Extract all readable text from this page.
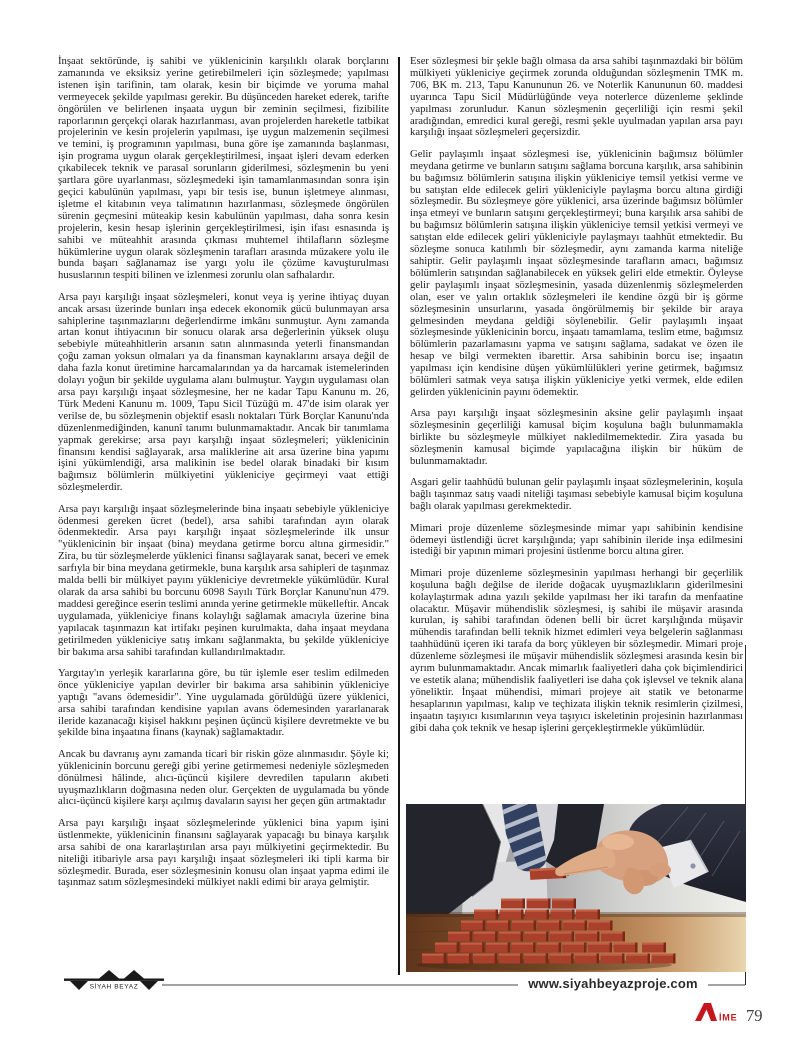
İnşaat sektöründe, iş sahibi ve yüklenicinin karşılıklı olarak borçlarını zamanında ve eksiksiz yerine getirebilmeleri için sözleşmede; yapılması istenen işin tarifinin, tam olarak, kesin bir biçimde ve yoruma mahal vermeyecek şekilde yapılması gerekir. Bu düşünceden hareket ederek, tarifte öngörülen ve belirlenen inşaata uygun bir zeminin seçilmesi, fizibilite raporlarının gerçekçi olarak hazırlanması, avan projelerden hareketle tatbikat projelerinin ve kesin projelerin yapılması, işe uygun malzemenin seçilmesi ve temini, iş programının yapılması, buna göre işe zamanında başlanması, işin programa uygun olarak gerçekleştirilmesi, inşaat işleri devam ederken çıkabilecek teknik ve parasal sorunların giderilmesi, sözleşmenin bu yeni şartlara göre uyarlanması, sözleşmedeki işin tamamlanmasından sonra işin geçici kabulünün yapılması, yapı bir tesis ise, bunun işletmeye alınması, işletme el kitabının veya talimatının hazırlanması, sözleşmede öngörülen sürenin geçmesini müteakip kesin kabulünün yapılması, daha sonra kesin projelerin, kesin hesap işlerinin gerçekleştirilmesi, işin ifası esnasında iş sahibi ve müteahhit arasında çıkması muhtemel ihtilafların sözleşme hükümlerine uygun olarak sözleşmenin tarafları arasında müzakere yolu ile bunda başarı sağlanamaz ise yargı yolu ile çözüme kavuşturulması hususlarının tespiti bilinen ve izlenmesi zorunlu olan safhalardır.

Arsa payı karşılığı inşaat sözleşmeleri, konut veya iş yerine ihtiyaç duyan ancak arsası üzerinde bunları inşa edecek ekonomik gücü bulunmayan arsa sahiplerine taşınmazlarını değerlendirme imkânı sunmuştur. Aynı zamanda artan konut ihtiyacının bir sonucu olarak arsa değerlerinin yüksek oluşu sebebiyle müteahhitlerin arsanın satın alınmasında yeterli finansmandan çoğu zaman yoksun olmaları ya da finansman kaynaklarını arsaya değil de daha fazla konut üretimine harcamalarından ya da harcamak istemelerinden dolayı yoğun bir şekilde uygulama alanı bulmuştur. Yaygın uygulaması olan arsa payı karşılığı inşaat sözleşmesine, her ne kadar Tapu Kanunu m. 26, Türk Medeni Kanunu m. 1009, Tapu Sicil Tüzüğü m. 47'de isim olarak yer verilse de, bu sözleşmenin objektif esaslı noktaları Türk Borçlar Kanunu'nda düzenlenmediğinden, kanunî tanımı bulunmamaktadır. Ancak bir tanımlama yapmak gerekirse; arsa payı karşılığı inşaat sözleşmeleri; yüklenicinin finansını kendisi sağlayarak, arsa maliklerine ait arsa üzerine bina yapımı işini yükümlendiği, arsa malikinin ise bedel olarak binadaki bir kısım bağımsız bölümlerin mülkiyetini yükleniciye geçirmeyi vaat ettiği sözleşmelerdir.

Arsa payı karşılığı inşaat sözleşmelerinde bina inşaatı sebebiyle yükleniciye ödenmesi gereken ücret (bedel), arsa sahibi tarafından ayın olarak ödenmektedir. Arsa payı karşılığı inşaat sözleşmelerinde ilk unsur "yüklenicinin bir inşaat (bina) meydana getirme borcu altına girmesidir." Zira, bu tür sözleşmelerde yüklenici finansı sağlayarak sanat, beceri ve emek sarfıyla bir bina meydana getirmekle, buna karşılık arsa sahipleri de taşınmaz malda belli bir mülkiyet payını yükleniciye devretmekle yükümlüdür. Kural olarak da arsa sahibi bu borcunu 6098 Sayılı Türk Borçlar Kanunu'nun 479. maddesi gereğince eserin teslimi anında yerine getirmekle mükelleftir. Ancak uygulamada, yükleniciye finans kolaylığı sağlamak amacıyla üzerine bina yapılacak taşınmazın kat irtifakı peşinen kurulmakta, daha inşaat meydana getirilmeden yükleniciye satış imkanı sağlanmakta, bu şekilde yükleniciye bir bakıma arsa sahibi tarafından kullandırılmaktadır.

Yargıtay'ın yerleşik kararlarına göre, bu tür işlemle eser teslim edilmeden önce yükleniciye yapılan devirler bir bakıma arsa sahibinin yükleniciye yaptığı "avans ödemesidir". Yine uygulamada görüldüğü üzere yüklenici, arsa sahibi tarafından kendisine yapılan avans ödemesinden yararlanarak ileride kazanacağı kişisel hakkını peşinen üçüncü kişilere devretmekte ve bu şekilde bina inşaatına finans (kaynak) sağlamaktadır.

Ancak bu davranış aynı zamanda ticari bir riskin göze alınmasıdır. Şöyle ki; yüklenicinin borcunu gereği gibi yerine getirmemesi nedeniyle sözleşmeden dönülmesi hâlinde, alıcı-üçüncü kişilere devredilen tapuların akıbeti uyuşmazlıkların doğmasına neden olur. Gerçekten de uygulamada bu yönde alıcı-üçüncü kişilere karşı açılmış davaların sayısı her geçen gün artmaktadır

Arsa payı karşılığı inşaat sözleşmelerinde yüklenici bina yapım işini üstlenmekte, yüklenicinin finansını sağlayarak yapacağı bu binaya karşılık arsa sahibi de ona kararlaştırılan arsa payı mülkiyetini geçirmektedir. Bu niteliği itibariyle arsa payı karşılığı inşaat sözleşmeleri iki tipli karma bir sözleşmedir. Burada, eser sözleşmesinin konusu olan inşaat yapma edimi ile taşınmaz satım sözleşmesindeki mülkiyet nakli edimi bir araya gelmiştir.

Eser sözleşmesi bir şekle bağlı olmasa da arsa sahibi taşınmazdaki bir bölüm mülkiyeti yükleniciye geçirmek zorunda olduğundan sözleşmenin TMK m. 706, BK m. 213, Tapu Kanununun 26. ve Noterlik Kanununun 60. maddesi uyarınca Tapu Sicil Müdürlüğünde veya noterlerce düzenleme şeklinde yapılması zorunludur. Kanun sözleşmenin geçerliliği için resmi şekil aradığından, emredici kural gereği, resmi şekle uyulmadan yapılan arsa payı karşılığı inşaat sözleşmeleri geçersizdir.

Gelir paylaşımlı inşaat sözleşmesi ise, yüklenicinin bağımsız bölümler meydana getirme ve bunların satışını sağlama borcuna karşılık, arsa sahibinin bu bağımsız bölümlerin satışına ilişkin yükleniciye temsil yetkisi verme ve bu satıştan elde edilecek geliri yükleniciyle paylaşma borcu altına girdiği sözleşmedir. Bu sözleşmeye göre yüklenici, arsa üzerinde bağımsız bölümler inşa etmeyi ve bunların satışını gerçekleştirmeyi; buna karşılık arsa sahibi de bu bağımsız bölümlerin satışına ilişkin yükleniciye temsil yetkisi vermeyi ve satıştan elde edilecek geliri yükleniciyle paylaşmayı taahhüt etmektedir. Bu sözleşme sonuca katılımlı bir sözleşmedir, aynı zamanda karma niteliğe sahiptir. Gelir paylaşımlı inşaat sözleşmesinde tarafların amacı, bağımsız bölümlerin satışından sağlanabilecek en yüksek geliri elde etmektir. Öyleyse gelir paylaşımlı inşaat sözleşmesinin, yasada düzenlenmiş sözleşmelerden olan, eser ve yalın ortaklık sözleşmeleri ile kendine özgü bir iş görme sözleşmesinin unsurlarını, yasada öngörülmemiş bir şekilde bir araya gelmesinden meydana geldiği söylenebilir. Gelir paylaşımlı inşaat sözleşmesinde yüklenicinin borcu, inşaatı tamamlama, teslim etme, bağımsız bölümlerin pazarlamasını yapma ve satışını sağlama, sadakat ve özen ile hesap ve bilgi vermekten ibarettir. Arsa sahibinin borcu ise; inşaatın yapılması için kendisine düşen yükümlülükleri yerine getirmek, bağımsız bölümleri satmak veya satışa ilişkin yükleniciye yetki vermek, elde edilen gelirden yüklenicinin payını ödemektir.

Arsa payı karşılığı inşaat sözleşmesinin aksine gelir paylaşımlı inşaat sözleşmesinin geçerliliği kamusal biçim koşuluna bağlı bulunmamakla birlikte bu sözleşmeyle mülkiyet nakledilmemektedir. Zira yasada bu sözleşmenin kamusal biçimde yapılacağına ilişkin bir hüküm de bulunmamaktadır.

Asgari gelir taahhüdü bulunan gelir paylaşımlı inşaat sözleşmelerinin, koşula bağlı taşınmaz satış vaadi niteliği taşıması sebebiyle kamusal biçim koşuluna bağlı olarak yapılması gerekmektedir.

Mimari proje düzenleme sözleşmesinde mimar yapı sahibinin kendisine ödemeyi üstlendiği ücret karşılığında; yapı sahibinin ileride inşa edilmesini istediği bir yapının mimari projesini üstlenme borcu altına girer.

Mimari proje düzenleme sözleşmesinin yapılması herhangi bir geçerlilik koşuluna bağlı değilse de ileride doğacak uyuşmazlıkların giderilmesini kolaylaştırmak adına yazılı şekilde yapılması her iki tarafın da menfaatine olacaktır. Müşavir mühendislik sözleşmesi, iş sahibi ile müşavir arasında kurulan, iş sahibi tarafından ödenen belli bir ücret karşılığında müşavir mühendis tarafından belli teknik hizmet edimleri veya belgelerin sağlanması taahhüdünü içeren iki tarafa da borç yükleyen bir sözleşmedir. Mimari proje düzenleme sözleşmesi ile müşavir mühendislik sözleşmesi arasında kesin bir ayrım bulunmamaktadır. Ancak mimarlık faaliyetleri daha çok biçimlendirici ve estetik alana; mühendislik faaliyetleri ise daha çok işlevsel ve teknik alana yöneliktir. İnşaat mühendisi, mimari projeye ait statik ve betonarme hesaplarının yapılması, kalıp ve teçhizata ilişkin teknik resimlerin çizilmesi, inşaatın taşıyıcı kısımlarının veya taşıyıcı iskeletinin projesinin hazırlanması gibi daha çok teknik ve hesap işlerini gerçekleştirmekle yükümlüdür.

www.siyahbeyazproje.com
SİYAH BEYAZ
İME 79
